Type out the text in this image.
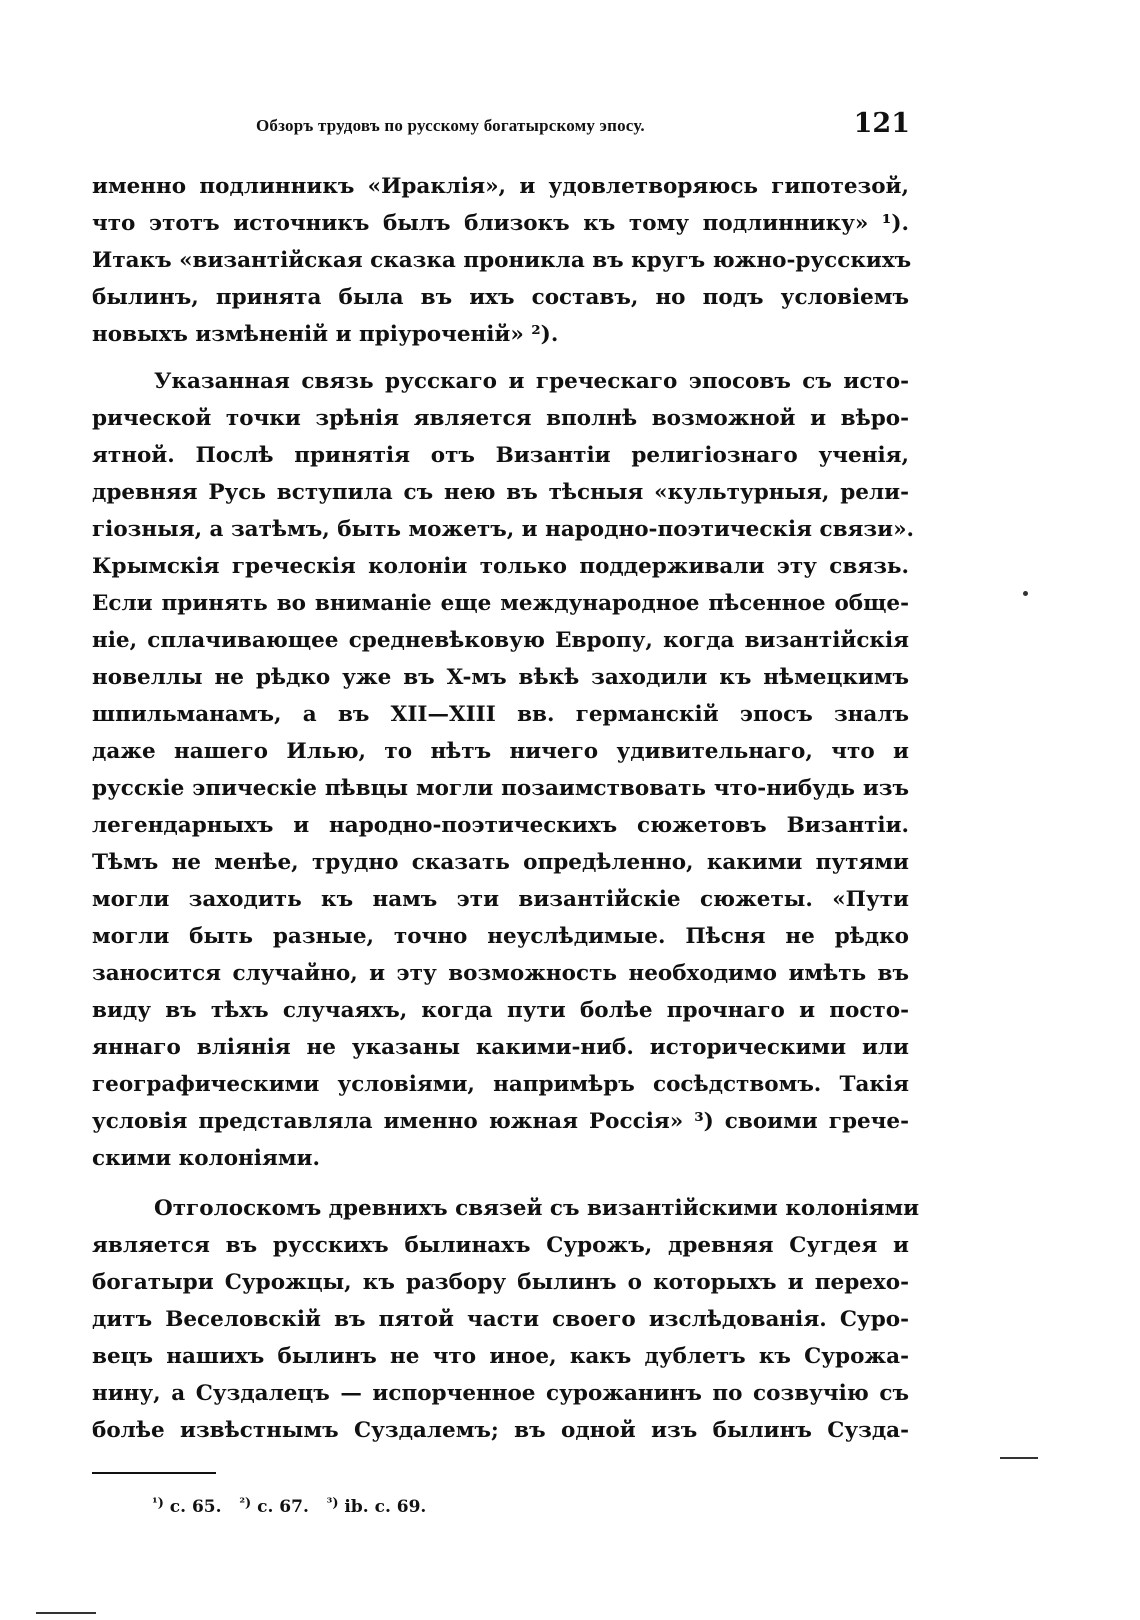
Обзоръ трудовъ по русскому богатырскому эпосу.	121
именно подлинникъ «Ираклія», и удовлетворяюсь гипотезой,
что этотъ источникъ былъ близокъ къ тому подлиннику» ¹).
Итакъ «византійская сказка проникла въ кругъ южно-русскихъ
былинъ, принята была въ ихъ составъ, но подъ условіемъ
новыхъ измѣненій и пріуроченій» ²).
Указанная связь русскаго и греческаго эпосовъ съ исто-
рической точки зрѣнія является вполнѣ возможной и вѣро-
ятной. Послѣ принятія отъ Византіи религіознаго ученія,
древняя Русь вступила съ нею въ тѣсныя «культурныя, рели-
гіозныя, а затѣмъ, быть можетъ, и народно-поэтическія связи».
Крымскія греческія колоніи только поддерживали эту связь.
Если принять во вниманіе еще международное пѣсенное обще-
ніе, сплачивающее средневѣковую Европу, когда византійскія
новеллы не рѣдко уже въ X-мъ вѣкѣ заходили къ нѣмецкимъ
шпильманамъ, а въ XII—XIII вв. германскій эпосъ зналъ
даже нашего Илью, то нѣтъ ничего удивительнаго, что и
русскіе эпическіе пѣвцы могли позаимствовать что-нибудь изъ
легендарныхъ и народно-поэтическихъ сюжетовъ Византіи.
Тѣмъ не менѣе, трудно сказать опредѣленно, какими путями
могли заходить къ намъ эти византійскіе сюжеты. «Пути
могли быть разные, точно неуслѣдимые. Пѣсня не рѣдко
заносится случайно, и эту возможность необходимо имѣть въ
виду въ тѣхъ случаяхъ, когда пути болѣе прочнаго и посто-
яннаго вліянія не указаны какими-ниб. историческими или
географическими условіями, напримѣръ сосѣдствомъ. Такія
условія представляла именно южная Россія» ³) своими грече-
скими колоніями.
Отголоскомъ древнихъ связей съ византійскими колоніями
является въ русскихъ былинахъ Сурожъ, древняя Сугдея и
богатыри Сурожцы, къ разбору былинъ о которыхъ и перехо-
дитъ Веселовскій въ пятой части своего изслѣдованія. Суро-
вецъ нашихъ былинъ не что иное, какъ дублетъ къ Сурожа-
нину, а Суздалецъ — испорченное сурожанинъ по созвучію съ
болѣе извѣстнымъ Суздалемъ; въ одной изъ былинъ Сузда-
$^{^1)}$ с. 65. $^{^2)}$ с. 67. $^{^3)}$ ib. с. 69.
